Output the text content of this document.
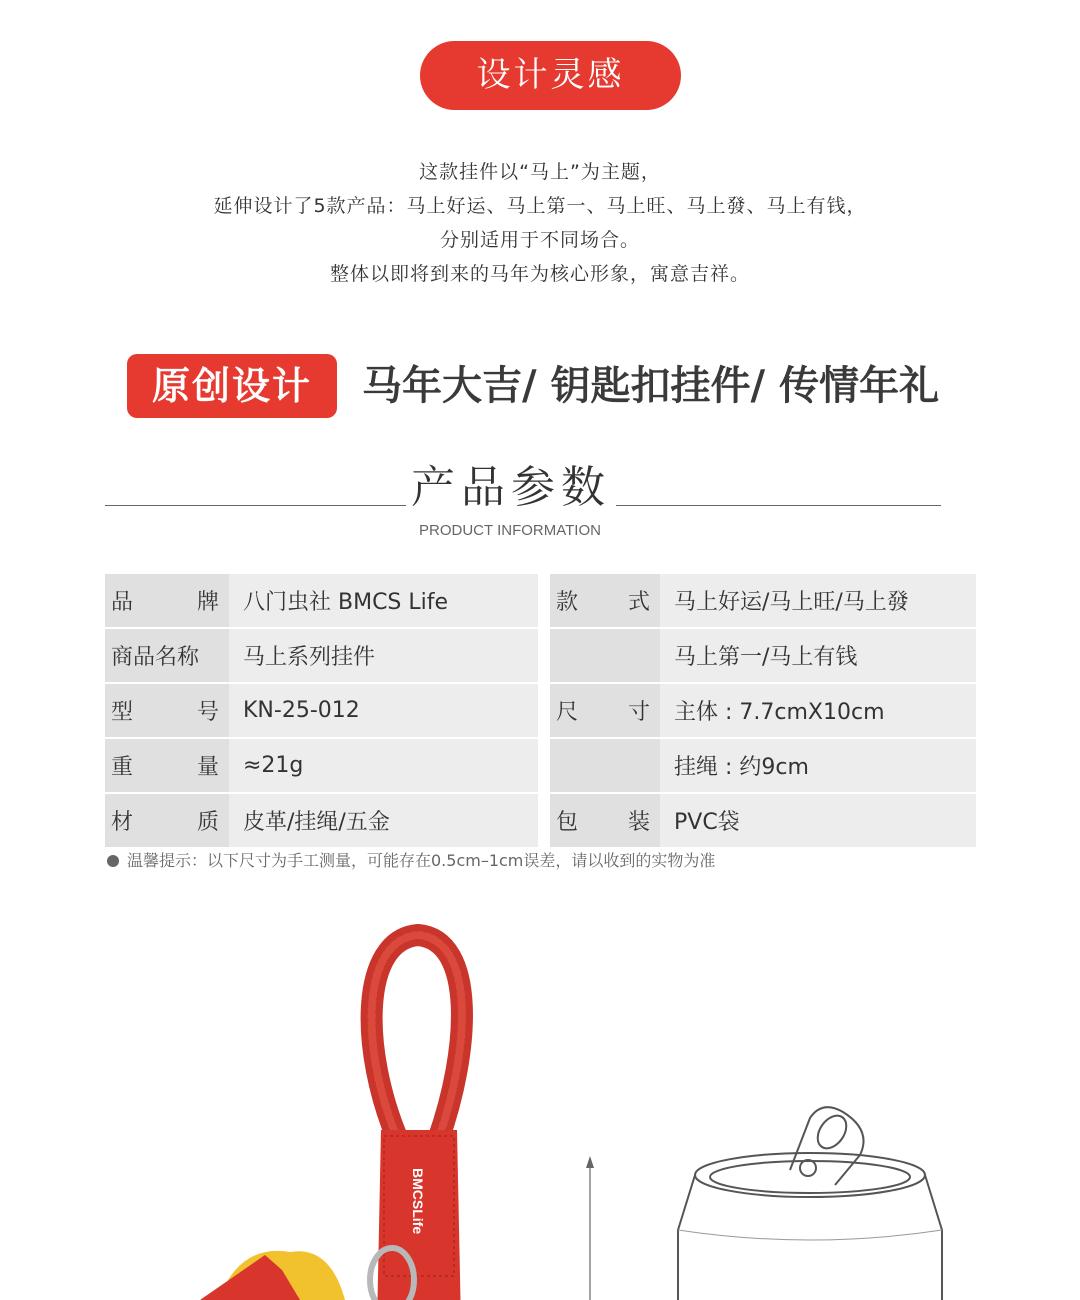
设计灵感
这款挂件以“马上”为主题，
延伸设计了5款产品：马上好运、马上第一、马上旺、马上發、马上有钱，
分别适用于不同场合。
整体以即将到来的马年为核心形象，寓意吉祥。
原创设计	马年大吉/ 钥匙扣挂件/ 传情年礼
产品参数
PRODUCT INFORMATION
品 牌	八门虫社 BMCS Life	款 式	马上好运/马上旺/马上發
商品名称	马上系列挂件		马上第一/马上有钱

型 号	KN-25-012	尺 寸	主体 : 7.7cmX10cm

重 量	≈21g		挂绳 : 约9cm

材 质	皮革/挂绳/五金	包 装	PVC袋
温馨提示：以下尺寸为手工测量，可能存在0.5cm–1cm误差，请以收到的实物为准
BMCSLife
